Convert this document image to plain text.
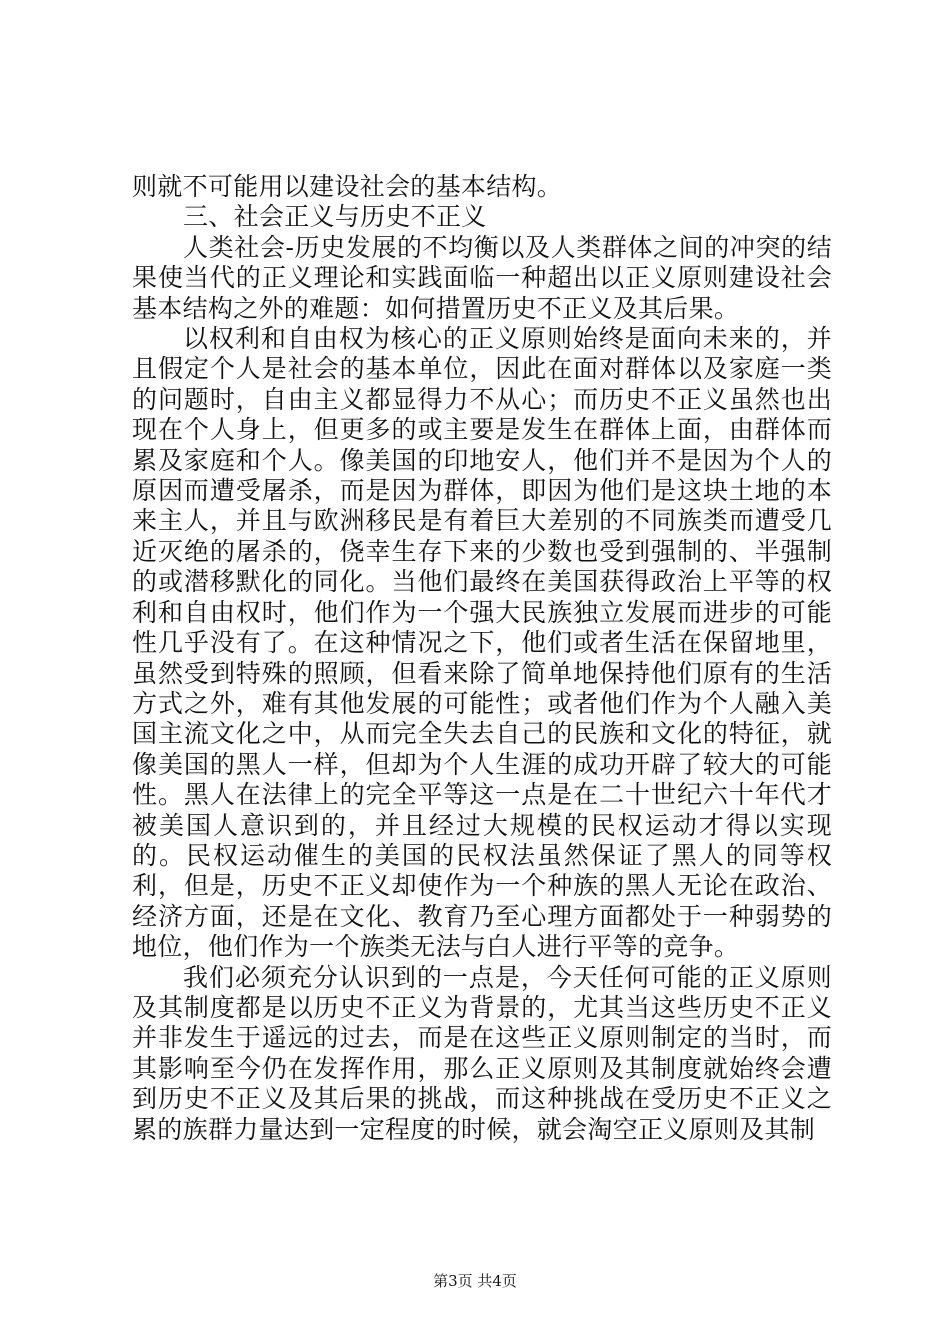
则就不可能用以建设社会的基本结构。

三、社会正义与历史不正义

人类社会-历史发展的不均衡以及人类群体之间的冲突的结果使当代的正义理论和实践面临一种超出以正义原则建设社会基本结构之外的难题：如何措置历史不正义及其后果。

以权利和自由权为核心的正义原则始终是面向未来的，并且假定个人是社会的基本单位，因此在面对群体以及家庭一类的问题时，自由主义都显得力不从心；而历史不正义虽然也出现在个人身上，但更多的或主要是发生在群体上面，由群体而累及家庭和个人。像美国的印地安人，他们并不是因为个人的原因而遭受屠杀，而是因为群体，即因为他们是这块土地的本来主人，并且与欧洲移民是有着巨大差别的不同族类而遭受几近灭绝的屠杀的，侥幸生存下来的少数也受到强制的、半强制的或潜移默化的同化。当他们最终在美国获得政治上平等的权利和自由权时，他们作为一个强大民族独立发展而进步的可能性几乎没有了。在这种情况之下，他们或者生活在保留地里，虽然受到特殊的照顾，但看来除了简单地保持他们原有的生活方式之外，难有其他发展的可能性；或者他们作为个人融入美国主流文化之中，从而完全失去自己的民族和文化的特征，就像美国的黑人一样，但却为个人生涯的成功开辟了较大的可能性。黑人在法律上的完全平等这一点是在二十世纪六十年代才被美国人意识到的，并且经过大规模的民权运动才得以实现的。民权运动催生的美国的民权法虽然保证了黑人的同等权利，但是，历史不正义却使作为一个种族的黑人无论在政治、经济方面，还是在文化、教育乃至心理方面都处于一种弱势的地位，他们作为一个族类无法与白人进行平等的竞争。

我们必须充分认识到的一点是，今天任何可能的正义原则及其制度都是以历史不正义为背景的，尤其当这些历史不正义并非发生于遥远的过去，而是在这些正义原则制定的当时，而其影响至今仍在发挥作用，那么正义原则及其制度就始终会遭到历史不正义及其后果的挑战，而这种挑战在受历史不正义之累的族群力量达到一定程度的时候，就会淘空正义原则及其制

第3页 共4页
